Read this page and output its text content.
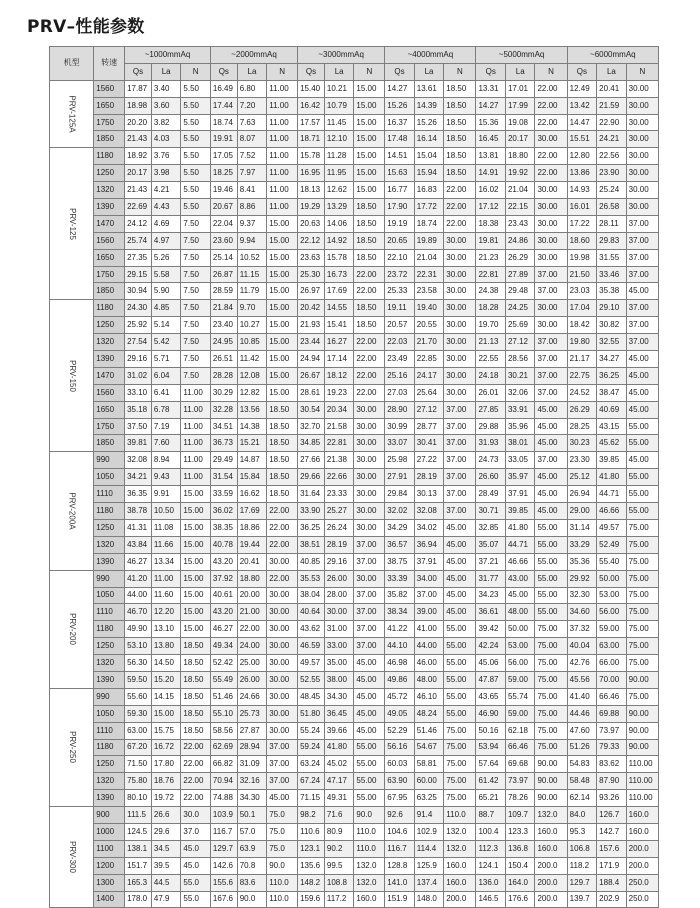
PRV–性能参数
机型	转速	~1000mmAq			~2000mmAq			~3000mmAq			~4000mmAq			~5000mmAq			~6000mmAq		
		Qs	La	N	Qs	La	N	Qs	La	N	Qs	La	N	Qs	La	N	Qs	La	N
PRV-125A	1560	17.87	3.40	5.50	16.49	6.80	11.00	15.40	10.21	15.00	14.27	13.61	18.50	13.31	17.01	22.00	12.49	20.41	30.00
	1650	18.98	3.60	5.50	17.44	7.20	11.00	16.42	10.79	15.00	15.26	14.39	18.50	14.27	17.99	22.00	13.42	21.59	30.00
	1750	20.20	3.82	5.50	18.74	7.63	11.00	17.57	11.45	15.00	16.37	15.26	18.50	15.36	19.08	22.00	14.47	22.90	30.00
	1850	21.43	4.03	5.50	19.91	8.07	11.00	18.71	12.10	15.00	17.48	16.14	18.50	16.45	20.17	30.00	15.51	24.21	30.00
PRV-125	1180	18.92	3.76	5.50	17.05	7.52	11.00	15.78	11.28	15.00	14.51	15.04	18.50	13.81	18.80	22.00	12.80	22.56	30.00
	1250	20.17	3.98	5.50	18.25	7.97	11.00	16.95	11.95	15.00	15.63	15.94	18.50	14.91	19.92	22.00	13.86	23.90	30.00
	1320	21.43	4.21	5.50	19.46	8.41	11.00	18.13	12.62	15.00	16.77	16.83	22.00	16.02	21.04	30.00	14.93	25.24	30.00
	1390	22.69	4.43	5.50	20.67	8.86	11.00	19.29	13.29	18.50	17.90	17.72	22.00	17.12	22.15	30.00	16.01	26.58	30.00
	1470	24.12	4.69	7.50	22.04	9.37	15.00	20.63	14.06	18.50	19.19	18.74	22.00	18.38	23.43	30.00	17.22	28.11	37.00
	1560	25.74	4.97	7.50	23.60	9.94	15.00	22.12	14.92	18.50	20.65	19.89	30.00	19.81	24.86	30.00	18.60	29.83	37.00
	1650	27.35	5.26	7.50	25.14	10.52	15.00	23.63	15.78	18.50	22.10	21.04	30.00	21.23	26.29	30.00	19.98	31.55	37.00
	1750	29.15	5.58	7.50	26.87	11.15	15.00	25.30	16.73	22.00	23.72	22.31	30.00	22.81	27.89	37.00	21.50	33.46	37.00
	1850	30.94	5.90	7.50	28.59	11.79	15.00	26.97	17.69	22.00	25.33	23.58	30.00	24.38	29.48	37.00	23.03	35.38	45.00
PRV-150	1180	24.30	4.85	7.50	21.84	9.70	15.00	20.42	14.55	18.50	19.11	19.40	30.00	18.28	24.25	30.00	17.04	29.10	37.00
	1250	25.92	5.14	7.50	23.40	10.27	15.00	21.93	15.41	18.50	20.57	20.55	30.00	19.70	25.69	30.00	18.42	30.82	37.00
	1320	27.54	5.42	7.50	24.95	10.85	15.00	23.44	16.27	22.00	22.03	21.70	30.00	21.13	27.12	37.00	19.80	32.55	37.00
	1390	29.16	5.71	7.50	26.51	11.42	15.00	24.94	17.14	22.00	23.49	22.85	30.00	22.55	28.56	37.00	21.17	34.27	45.00
	1470	31.02	6.04	7.50	28.28	12.08	15.00	26.67	18.12	22.00	25.16	24.17	30.00	24.18	30.21	37.00	22.75	36.25	45.00
	1560	33.10	6.41	11.00	30.29	12.82	15.00	28.61	19.23	22.00	27.03	25.64	30.00	26.01	32.06	37.00	24.52	38.47	45.00
	1650	35.18	6.78	11.00	32.28	13.56	18.50	30.54	20.34	30.00	28.90	27.12	37.00	27.85	33.91	45.00	26.29	40.69	45.00
	1750	37.50	7.19	11.00	34.51	14.38	18.50	32.70	21.58	30.00	30.99	28.77	37.00	29.88	35.96	45.00	28.25	43.15	55.00
	1850	39.81	7.60	11.00	36.73	15.21	18.50	34.85	22.81	30.00	33.07	30.41	37.00	31.93	38.01	45.00	30.23	45.62	55.00
PRV-200A	990	32.08	8.94	11.00	29.49	14.87	18.50	27.66	21.38	30.00	25.98	27.22	37.00	24.73	33.05	37.00	23.30	39.85	45.00
	1050	34.21	9.43	11.00	31.54	15.84	18.50	29.66	22.66	30.00	27.91	28.19	37.00	26.60	35.97	45.00	25.12	41.80	55.00
	1110	36.35	9.91	15.00	33.59	16.62	18.50	31.64	23.33	30.00	29.84	30.13	37.00	28.49	37.91	45.00	26.94	44.71	55.00
	1180	38.78	10.50	15.00	36.02	17.69	22.00	33.90	25.27	30.00	32.02	32.08	37.00	30.71	39.85	45.00	29.00	46.66	55.00
	1250	41.31	11.08	15.00	38.35	18.86	22.00	36.25	26.24	30.00	34.29	34.02	45.00	32.85	41.80	55.00	31.14	49.57	75.00
	1320	43.84	11.66	15.00	40.78	19.44	22.00	38.51	28.19	37.00	36.57	36.94	45.00	35.07	44.71	55.00	33.29	52.49	75.00
	1390	46.27	13.34	15.00	43.20	20.41	30.00	40.85	29.16	37.00	38.75	37.91	45.00	37.21	46.66	55.00	35.36	55.40	75.00
PRV-200	990	41.20	11.00	15.00	37.92	18.80	22.00	35.53	26.00	30.00	33.39	34.00	45.00	31.77	43.00	55.00	29.92	50.00	75.00
	1050	44.00	11.60	15.00	40.61	20.00	30.00	38.04	28.00	37.00	35.82	37.00	45.00	34.23	45.00	55.00	32.30	53.00	75.00
	1110	46.70	12.20	15.00	43.20	21.00	30.00	40.64	30.00	37.00	38.34	39.00	45.00	36.61	48.00	55.00	34.60	56.00	75.00
	1180	49.90	13.10	15.00	46.27	22.00	30.00	43.62	31.00	37.00	41.22	41.00	55.00	39.42	50.00	75.00	37.32	59.00	75.00
	1250	53.10	13.80	18.50	49.34	24.00	30.00	46.59	33.00	37.00	44.10	44.00	55.00	42.24	53.00	75.00	40.04	63.00	75.00
	1320	56.30	14.50	18.50	52.42	25.00	30.00	49.57	35.00	45.00	46.98	46.00	55.00	45.06	56.00	75.00	42.76	66.00	75.00
	1390	59.50	15.20	18.50	55.49	26.00	30.00	52.55	38.00	45.00	49.86	48.00	55.00	47.87	59.00	75.00	45.56	70.00	90.00
PRV-250	990	55.60	14.15	18.50	51.46	24.66	30.00	48.45	34.30	45.00	45.72	46.10	55.00	43.65	55.74	75.00	41.40	66.46	75.00
	1050	59.30	15.00	18.50	55.10	25.73	30.00	51.80	36.45	45.00	49.05	48.24	55.00	46.90	59.00	75.00	44.46	69.88	90.00
	1110	63.00	15.75	18.50	58.56	27.87	30.00	55.24	39.66	45.00	52.29	51.46	75.00	50.16	62.18	75.00	47.60	73.97	90.00
	1180	67.20	16.72	22.00	62.69	28.94	37.00	59.24	41.80	55.00	56.16	54.67	75.00	53.94	66.46	75.00	51.26	79.33	90.00
	1250	71.50	17.80	22.00	66.82	31.09	37.00	63.24	45.02	55.00	60.03	58.81	75.00	57.64	69.68	90.00	54.83	83.62	110.00
	1320	75.80	18.76	22.00	70.94	32.16	37.00	67.24	47.17	55.00	63.90	60.00	75.00	61.42	73.97	90.00	58.48	87.90	110.00
	1390	80.10	19.72	22.00	74.88	34.30	45.00	71.15	49.31	55.00	67.95	63.25	75.00	65.21	78.26	90.00	62.14	93.26	110.00
PRV-300	900	111.5	26.6	30.0	103.9	50.1	75.0	98.2	71.6	90.0	92.6	91.4	110.0	88.7	109.7	132.0	84.0	126.7	160.0
	1000	124.5	29.6	37.0	116.7	57.0	75.0	110.6	80.9	110.0	104.6	102.9	132.0	100.4	123.3	160.0	95.3	142.7	160.0
	1100	138.1	34.5	45.0	129.7	63.9	75.0	123.1	90.2	110.0	116.7	114.4	132.0	112.3	136.8	160.0	106.8	157.6	200.0
	1200	151.7	39.5	45.0	142.6	70.8	90.0	135.6	99.5	132.0	128.8	125.9	160.0	124.1	150.4	200.0	118.2	171.9	200.0
	1300	165.3	44.5	55.0	155.6	83.6	110.0	148.2	108.8	132.0	141.0	137.4	160.0	136.0	164.0	200.0	129.7	188.4	250.0
	1400	178.0	47.9	55.0	167.6	90.0	110.0	159.6	117.2	160.0	151.9	148.0	200.0	146.5	176.6	200.0	139.7	202.9	250.0
